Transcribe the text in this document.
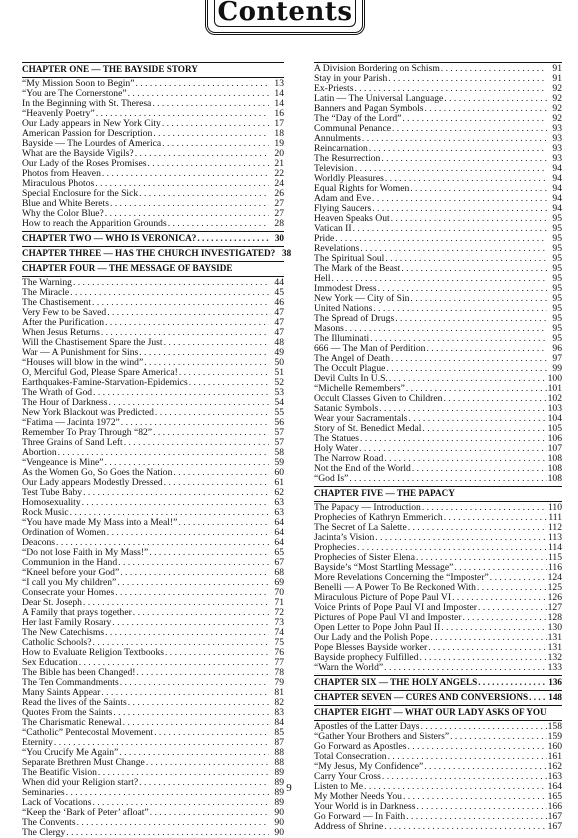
Contents
CHAPTER ONE — THE BAYSIDE STORY
“My Mission Soon to Begin” . . .	13
“You are The Cornerstone” . . .	14
In the Beginning with St. Theresa . . .	14
“Heavenly Poetry” . . .	16
Our Lady appears in New York City . . .	17
American Passion for Description . . .	18
Bayside — The Lourdes of America . . .	19
What are the Bayside Vigils? . . .	20
Our Lady of the Roses Promises . . .	21
Photos from Heaven . . .	22
Miraculous Photos . . .	24
Special Enclosure for the Sick . . .	26
Blue and White Berets . . .	27
Why the Color Blue? . . .	27
How to reach the Apparition Grounds . . .	28
CHAPTER TWO — WHO IS VERONICA? . . .	30
CHAPTER THREE — HAS THE CHURCH INVESTIGATED? 38
CHAPTER FOUR — THE MESSAGE OF BAYSIDE
The Warning . . .	44
The Miracle . . .	45
The Chastisement . . .	46
Very Few to be Saved . . .	47
After the Purification . . .	47
When Jesus Returns . . .	47
Will the Chastisement Spare the Just . . .	48
War — A Punishment for Sins . . .	49
“Houses will blow in the wind” . . .	50
O, Merciful God, Please Spare America! . . .	51
Earthquakes-Famine-Starvation-Epidemics . . .	52
The Wrath of God . . .	53
The Hour of Darkness . . .	54
New York Blackout was Predicted . . .	55
“Fatima — Jacinta 1972” . . .	56
Remember To Pray Through “82” . . .	57
Three Grains of Sand Left . . .	57
Abortion . . .	58
“Vengeance is Mine” . . .	59
As the Women Go, So Goes the Nation . . .	60
Our Lady appears Modestly Dressed . . .	61
Test Tube Baby . . .	62
Homosexuality . . .	63
Rock Music . . .	63
“You have made My Mass into a Meal!” . . .	64
Ordination of Women . . .	64
Deacons . . .	64
“Do not lose Faith in My Mass!” . . .	65
Communion in the Hand . . .	67
“Kneel before your God” . . .	68
“I call you My children” . . .	69
Consecrate your Homes . . .	70
Dear St. Joseph . . .	71
A Family that prays together . . .	72
Her last Family Rosary . . .	73
The New Catechisms . . .	74
Catholic Schools? . . .	75
How to Evaluate Religion Textbooks . . .	76
Sex Education . . .	77
The Bible has been Changed! . . .	78
The Ten Commandments . . .	79
Many Saints Appear . . .	81
Read the lives of the Saints . . .	82
Quotes From the Saints . . .	83
The Charismatic Renewal . . .	84
“Catholic” Pentecostal Movement . . .	85
Eternity . . .	87
“You Crucify Me Again” . . .	88
Separate Brethren Must Change . . .	88
The Beatific Vision . . .	89
When did your Religion start? . . .	89
Seminaries . . .	89
Lack of Vocations . . .	89
“Keep the ‘Bark of Peter’ afloat” . . .	90
The Convents . . .	90
The Clergy . . .	90
A Division Bordering on Schism . . .	91
Stay in your Parish . . .	91
Ex-Priests . . .	92
Latin — The Universal Language . . .	92
Banners and Pagan Symbols . . .	92
The “Day of the Lord” . . .	92
Communal Penance . . .	93
Annulments . . .	93
Reincarnation . . .	93
The Resurrection . . .	93
Television . . .	94
Worldly Pleasures . . .	94
Equal Rights for Women . . .	94
Adam and Eve . . .	94
Flying Saucers . . .	94
Heaven Speaks Out . . .	95
Vatican II . . .	95
Pride . . .	95
Revelations . . .	95
The Spiritual Soul . . .	95
The Mark of the Beast . . .	95
Hell . . .	95
Immodest Dress . . .	95
New York — City of Sin . . .	95
United Nations . . .	95
The Spread of Drugs . . .	95
Masons . . .	95
The Illuminati . . .	95
666 — The Man of Perdition . . .	96
The Angel of Death . . .	97
The Occult Plague . . .	99
Devil Cults In U.S. . . .	100
“Michelle Remembers” . . .	101
Occult Classes Given to Children . . .	102
Satanic Symbols . . .	103
Wear your Sacramentals . . .	104
Story of St. Benedict Medal . . .	105
The Statues . . .	106
Holy Water . . .	107
The Narrow Road . . .	108
Not the End of the World . . .	108
“God Is” . . .	108
CHAPTER FIVE — THE PAPACY
The Papacy — Introduction . . .	110
Prophecies of Kathryn Emmerich . . .	111
The Secret of La Salette . . .	112
Jacinta’s Vision . . .	113
Prophecies . . .	114
Prophecies of Sister Elena . . .	115
Bayside’s “Most Startling Message” . . .	116
More Revelations Concerning the “Imposter” . . .	124
Benelli — A Power To Be Reckoned With . . .	125
Miraculous Picture of Pope Paul VI . . .	126
Voice Prints of Pope Paul VI and Imposter . . .	127
Pictures of Pope Paul VI and Imposter . . .	128
Open Letter to Pope John Paul II . . .	130
Our Lady and the Polish Pope . . .	131
Pope Blesses Bayside worker . . .	131
Bayside prophecy Fulfilled . . .	132
“Warn the World” . . .	133
CHAPTER SIX — THE HOLY ANGELS . . .	136
CHAPTER SEVEN — CURES AND CONVERSIONS . . . 148
CHAPTER EIGHT — WHAT OUR LADY ASKS OF YOU
Apostles of the Latter Days . . .	158
“Gather Your Brothers and Sisters” . . .	159
Go Forward as Apostles . . .	160
Total Consecration . . .	161
“My Jesus, My Confidence” . . .	162
Carry Your Cross . . .	163
Listen to Me . . .	164
My Mother Needs You . . .	165
Your World is in Darkness . . .	166
Go Forward — In Faith . . .	167
Address of Shrine . . .	167
9
